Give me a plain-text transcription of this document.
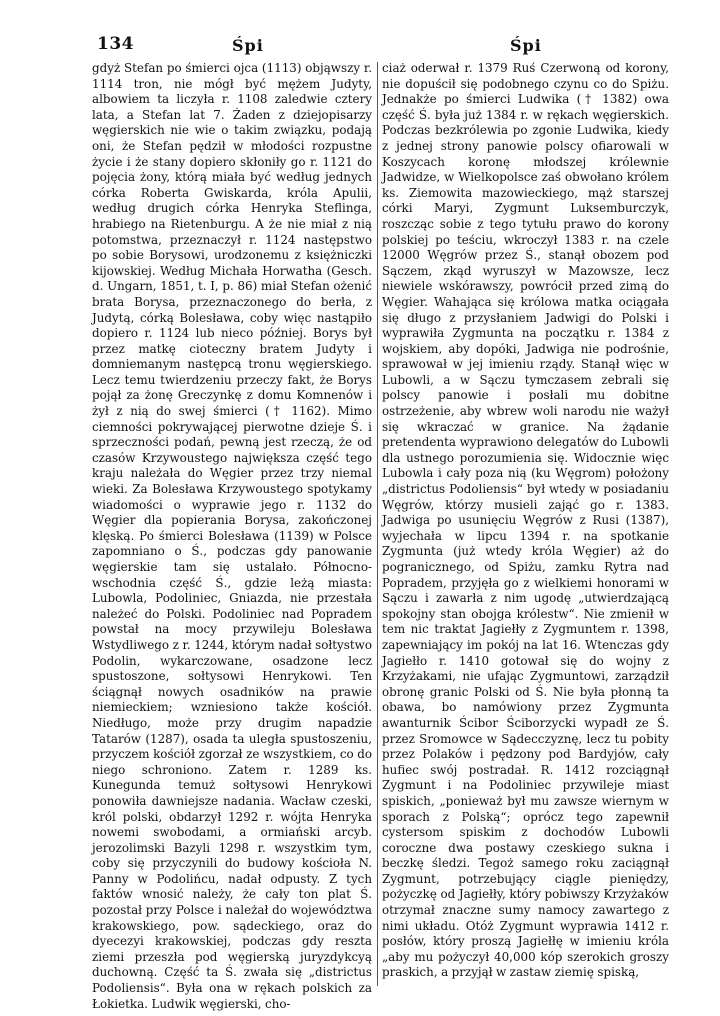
134	Śpi	Śpi
gdyż Stefan po śmierci ojca (1113) objąwszy r. 1114 tron, nie mógł być mężem Judyty, albowiem ta liczyła r. 1108 zaledwie cztery lata, a Stefan lat 7. Żaden z dziejopisarzy węgierskich nie wie o takim związku, podają oni, że Stefan pędził w młodości rozpustne życie i że stany dopiero skłoniły go r. 1121 do pojęcia żony, którą miała być według jednych córka Roberta Gwiskarda, króla Apulii, według drugich córka Henryka Steflinga, hrabiego na Rietenburgu. A że nie miał z nią potomstwa, przeznaczył r. 1124 następstwo po sobie Borysowi, urodzonemu z księżniczki kijowskiej. Według Michała Horwatha (Gesch. d. Ungarn, 1851, t. I, p. 86) miał Stefan ożenić brata Borysa, przeznaczonego do berła, z Judytą, córką Bolesława, coby więc nastąpiło dopiero r. 1124 lub nieco później. Borys był przez matkę cioteczny bratem Judyty i domniemanym następcą tronu węgierskiego. Lecz temu twierdzeniu przeczy fakt, że Borys pojął za żonę Greczynkę z domu Komnenów i żył z nią do swej śmierci († 1162). Mimo ciemności pokrywającej pierwotne dzieje Ś. i sprzeczności podań, pewną jest rzeczą, że od czasów Krzywoustego największa część tego kraju należała do Węgier przez trzy niemal wieki. Za Bolesława Krzywoustego spotykamy wiadomości o wyprawie jego r. 1132 do Węgier dla popierania Borysa, zakończonej klęską. Po śmierci Bolesława (1139) w Polsce zapomniano o Ś., podczas gdy panowanie węgierskie tam się ustalało. Północno-wschodnia część Ś., gdzie leżą miasta: Lubowla, Podoliniec, Gniazda, nie przestała należeć do Polski. Podoliniec nad Popradem powstał na mocy przywileju Bolesława Wstydliwego z r. 1244, którym nadał sołtystwo Podolin, wykarczowane, osadzone lecz spustoszone, sołtysowi Henrykowi. Ten ściągnął nowych osadników na prawie niemieckiem; wzniesiono także kościół. Niedługo, może przy drugim napadzie Tatarów (1287), osada ta uległa spustoszeniu, przyczem kościół zgorzał ze wszystkiem, co do niego schroniono. Zatem r. 1289 ks. Kunegunda temuż sołtysowi Henrykowi ponowiła dawniejsze nadania. Wacław czeski, król polski, obdarzył 1292 r. wójta Henryka nowemi swobodami, a ormiański arcyb. jerozolimski Bazyli 1298 r. wszystkim tym, coby się przyczynili do budowy kościoła N. Panny w Podolińcu, nadał odpusty. Z tych faktów wnosić należy, że cały ton plat Ś. pozostał przy Polsce i należał do województwa krakowskiego, pow. sądeckiego, oraz do dyecezyi krakowskiej, podczas gdy reszta ziemi przeszła pod węgierską juryzdykcyą duchowną. Część ta Ś. zwała się „districtus Podoliensis“. Była ona w rękach polskich za Łokietka. Ludwik węgierski, cho-
ciaż oderwał r. 1379 Ruś Czerwoną od korony, nie dopuścił się podobnego czynu co do Spiżu. Jednakże po śmierci Ludwika († 1382) owa część Ś. była już 1384 r. w rękach węgierskich. Podczas bezkrólewia po zgonie Ludwika, kiedy z jednej strony panowie polscy ofiarowali w Koszycach koronę młodszej królewnie Jadwidze, w Wielkopolsce zaś obwołano królem ks. Ziemowita mazowieckiego, mąż starszej córki Maryi, Zygmunt Luksemburczyk, roszcząc sobie z tego tytułu prawo do korony polskiej po teściu, wkroczył 1383 r. na czele 12000 Węgrów przez Ś., stanął obozem pod Sączem, zkąd wyruszył w Mazowsze, lecz niewiele wskórawszy, powrócił przed zimą do Węgier. Wahająca się królowa matka ociągała się długo z przysłaniem Jadwigi do Polski i wyprawiła Zygmunta na początku r. 1384 z wojskiem, aby dopóki, Jadwiga nie podrośnie, sprawował w jej imieniu rządy. Stanął więc w Lubowli, a w Sączu tymczasem zebrali się polscy panowie i posłali mu dobitne ostrzeżenie, aby wbrew woli narodu nie ważył się wkraczać w granice. Na żądanie pretendenta wyprawiono delegatów do Lubowli dla ustnego porozumienia się. Widocznie więc Lubowla i cały poza nią (ku Węgrom) położony „districtus Podoliensis“ był wtedy w posiadaniu Węgrów, którzy musieli zająć go r. 1383. Jadwiga po usunięciu Węgrów z Rusi (1387), wyjechała w lipcu 1394 r. na spotkanie Zygmunta (już wtedy króla Węgier) aż do pogranicznego, od Spiżu, zamku Rytra nad Popradem, przyjęła go z wielkiemi honorami w Sączu i zawarła z nim ugodę „utwierdzającą spokojny stan obojga królestw“. Nie zmienił w tem nic traktat Jagiełły z Zygmuntem r. 1398, zapewniający im pokój na lat 16. Wtenczas gdy Jagiełło r. 1410 gotował się do wojny z Krzyżakami, nie ufając Zygmuntowi, zarządził obronę granic Polski od Ś. Nie była płonną ta obawa, bo namówiony przez Zygmunta awanturnik Ścibor Ściborzycki wypadł ze Ś. przez Sromowce w Sądecczyznę, lecz tu pobity przez Polaków i pędzony pod Bardyjów, cały hufiec swój postradał. R. 1412 rozciągnął Zygmunt i na Podoliniec przywileje miast spiskich, „ponieważ był mu zawsze wiernym w sporach z Polską“; oprócz tego zapewnił cystersom spiskim z dochodów Lubowli coroczne dwa postawy czeskiego sukna i beczkę śledzi. Tegoż samego roku zaciągnął Zygmunt, potrzebujący ciągle pieniędzy, pożyczkę od Jagiełły, który pobiwszy Krzyżaków otrzymał znaczne sumy namocy zawartego z nimi układu. Otóż Zygmunt wyprawia 1412 r. posłów, który proszą Jagiełłę w imieniu króla „aby mu pożyczył 40,000 kóp szerokich groszy praskich, a przyjął w zastaw ziemię spiską,
